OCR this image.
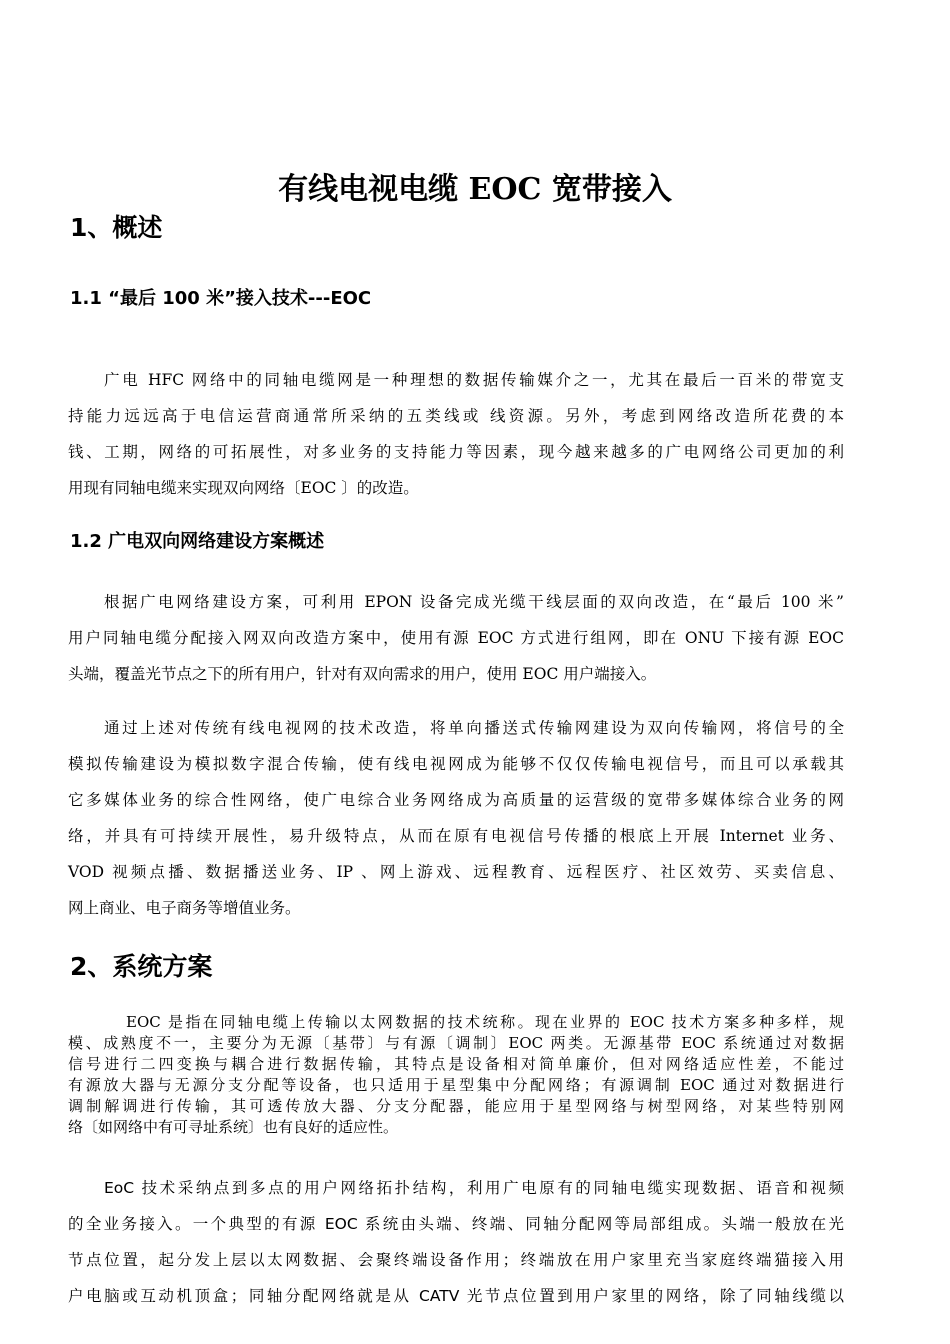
有线电视电缆 EOC 宽带接入
1、概述
1.1 “最后 100 米”接入技术---EOC
广电 HFC 网络中的同轴电缆网是一种理想的数据传输媒介之一，尤其在最后一百米的带宽支
持能力远远高于电信运营商通常所采纳的五类线或 线资源。另外，考虑到网络改造所花费的本
钱、工期，网络的可拓展性，对多业务的支持能力等因素，现今越来越多的广电网络公司更加的利
用现有同轴电缆来实现双向网络〔EOC 〕的改造。
1.2 广电双向网络建设方案概述
根据广电网络建设方案，可利用 EPON 设备完成光缆干线层面的双向改造，在“最后 100 米”
用户同轴电缆分配接入网双向改造方案中，使用有源 EOC 方式进行组网，即在 ONU 下接有源 EOC
头端，覆盖光节点之下的所有用户，针对有双向需求的用户，使用 EOC 用户端接入。
通过上述对传统有线电视网的技术改造，将单向播送式传输网建设为双向传输网，将信号的全
模拟传输建设为模拟数字混合传输，使有线电视网成为能够不仅仅传输电视信号，而且可以承载其
它多媒体业务的综合性网络，使广电综合业务网络成为高质量的运营级的宽带多媒体综合业务的网
络，并具有可持续开展性，易升级特点，从而在原有电视信号传播的根底上开展 Internet 业务、
VOD 视频点播、数据播送业务、IP 、网上游戏、远程教育、远程医疗、社区效劳、买卖信息、
网上商业、电子商务等增值业务。
2、系统方案
EOC 是指在同轴电缆上传输以太网数据的技术统称。现在业界的 EOC 技术方案多种多样，规
模、成熟度不一，主要分为无源〔基带〕与有源〔调制〕EOC 两类。无源基带 EOC 系统通过对数据
信号进行二四变换与耦合进行数据传输，其特点是设备相对简单廉价，但对网络适应性差，不能过
有源放大器与无源分支分配等设备，也只适用于星型集中分配网络；有源调制 EOC 通过对数据进行
调制解调进行传输，其可透传放大器、分支分配器，能应用于星型网络与树型网络，对某些特别网
络〔如网络中有可寻址系统〕也有良好的适应性。
EoC 技术采纳点到多点的用户网络拓扑结构，利用广电原有的同轴电缆实现数据、语音和视频
的全业务接入。一个典型的有源 EOC 系统由头端、终端、同轴分配网等局部组成。头端一般放在光
节点位置，起分发上层以太网数据、会聚终端设备作用；终端放在用户家里充当家庭终端猫接入用
户电脑或互动机顶盒；同轴分配网络就是从 CATV 光节点位置到用户家里的网络，除了同轴线缆以
